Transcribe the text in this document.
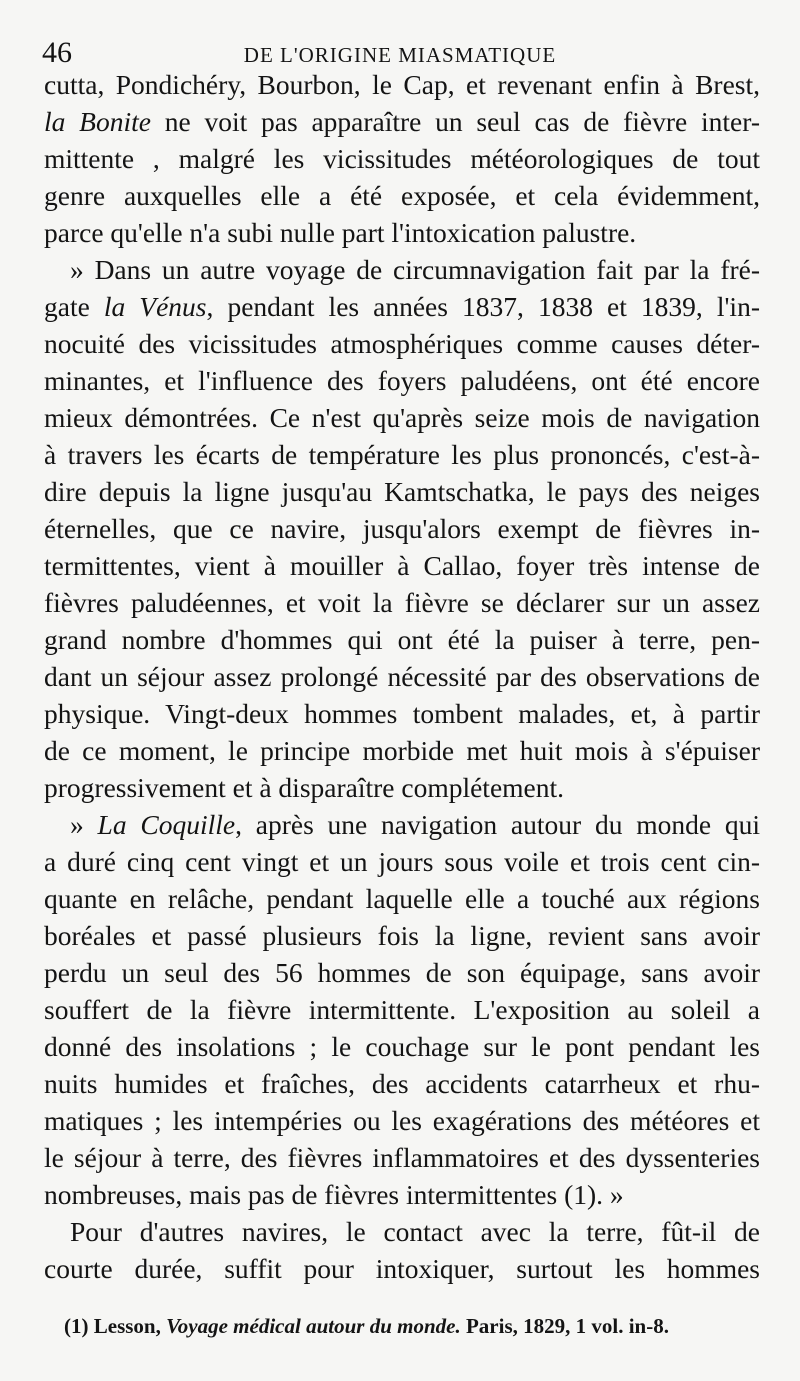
46	DE L'ORIGINE MIASMATIQUE
cutta, Pondichéry, Bourbon, le Cap, et revenant enfin à Brest,
la Bonite ne voit pas apparaître un seul cas de fièvre inter-
mittente , malgré les vicissitudes météorologiques de tout
genre auxquelles elle a été exposée, et cela évidemment,
parce qu'elle n'a subi nulle part l'intoxication palustre.
» Dans un autre voyage de circumnavigation fait par la fré-
gate la Vénus, pendant les années 1837, 1838 et 1839, l'in-
nocuité des vicissitudes atmosphériques comme causes déter-
minantes, et l'influence des foyers paludéens, ont été encore
mieux démontrées. Ce n'est qu'après seize mois de navigation
à travers les écarts de température les plus prononcés, c'est-à-
dire depuis la ligne jusqu'au Kamtschatka, le pays des neiges
éternelles, que ce navire, jusqu'alors exempt de fièvres in-
termittentes, vient à mouiller à Callao, foyer très intense de
fièvres paludéennes, et voit la fièvre se déclarer sur un assez
grand nombre d'hommes qui ont été la puiser à terre, pen-
dant un séjour assez prolongé nécessité par des observations de
physique. Vingt-deux hommes tombent malades, et, à partir
de ce moment, le principe morbide met huit mois à s'épuiser
progressivement et à disparaître complétement.
» La Coquille, après une navigation autour du monde qui
a duré cinq cent vingt et un jours sous voile et trois cent cin-
quante en relâche, pendant laquelle elle a touché aux régions
boréales et passé plusieurs fois la ligne, revient sans avoir
perdu un seul des 56 hommes de son équipage, sans avoir
souffert de la fièvre intermittente. L'exposition au soleil a
donné des insolations ; le couchage sur le pont pendant les
nuits humides et fraîches, des accidents catarrheux et rhu-
matiques ; les intempéries ou les exagérations des météores et
le séjour à terre, des fièvres inflammatoires et des dyssenteries
nombreuses, mais pas de fièvres intermittentes (1). »
Pour d'autres navires, le contact avec la terre, fût-il de
courte durée, suffit pour intoxiquer, surtout les hommes
(1) Lesson, Voyage médical autour du monde. Paris, 1829, 1 vol. in-8.
